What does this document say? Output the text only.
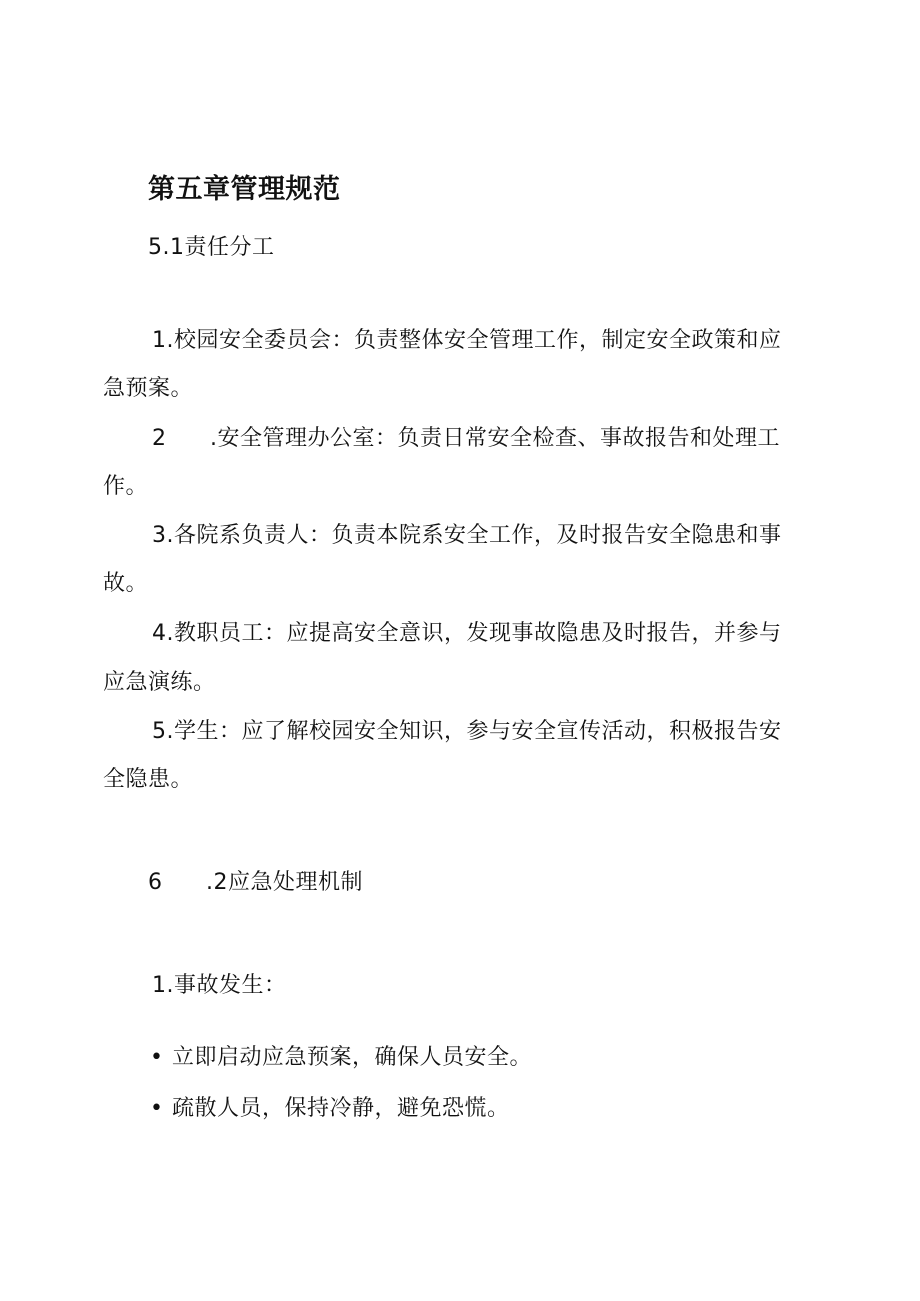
第五章管理规范
5.1责任分工
1.校园安全委员会：负责整体安全管理工作，制定安全政策和应
急预案。
2 .安全管理办公室：负责日常安全检查、事故报告和处理工
作。
3.各院系负责人：负责本院系安全工作，及时报告安全隐患和事
故。
4.教职员工：应提高安全意识，发现事故隐患及时报告，并参与
应急演练。
5.学生：应了解校园安全知识，参与安全宣传活动，积极报告安
全隐患。
6 .2应急处理机制
1.事故发生：
• 立即启动应急预案，确保人员安全。
• 疏散人员，保持冷静，避免恐慌。
